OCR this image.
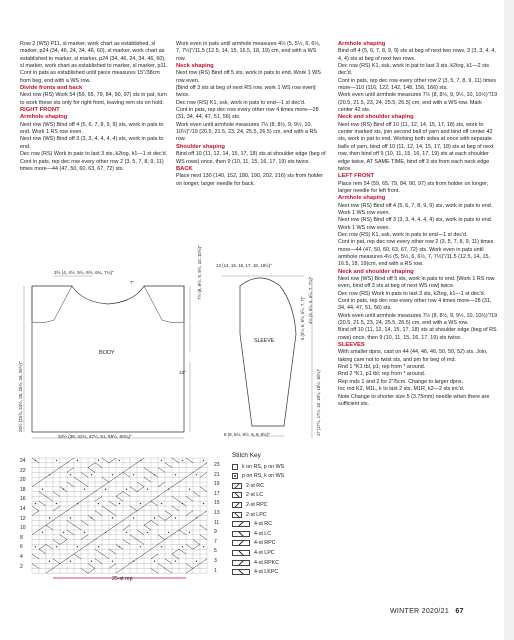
Row 2 (WS) P11, sl marker, work chart as established, sl marker, p24 (34, 46, 24, 34, 46, 60), sl marker, work chart as established to marker, sl marker, p24 (34, 46, 24, 34, 46, 60), sl marker, work chart as established to marker, sl marker, p11. Cont in pats as established until piece measures 15"/38cm from beg, end with a WS row.

Divide fronts and back

Next row (RS) Work 54 (59, 65, 79, 84, 90, 97) sts in pat, turn to work these sts only for right front, leaving rem sts on hold.

RIGHT FRONT

Armhole shaping

Next row (WS) Bind off 4 (5, 6, 7, 8, 9, 9) sts, work in pats to end. Work 1 RS row even.

Next row (WS) Bind off 3 (3, 3, 4, 4, 4, 4) sts, work in pats to end.

Dec row (RS) Work in pats to last 3 sts, k2tog, k1—1 st dec'd.

Cont in pats, rep dec row every other row 2 (3, 5, 7, 8, 9, 11) times more—44 (47, 50, 60, 63, 67, 72) sts.

Work even in pats until armhole measures 4½ (5, 5½, 6, 6½, 7, 7½)"/11.5 (12.5, 14, 15, 16.5, 18, 19) cm, end with a WS row.

Neck shaping

Next row (RS) Bind off 5 sts, work in pats to end. Work 1 WS row even.

[Bind off 3 sts at beg of next RS row, work 1 WS row even] twice.

Dec row (RS) K1, ssk, work in pats to end—1 st dec'd.

Cont in pats, rep dec row every other row 4 times more—28 (31, 34, 44, 47, 51, 56) sts.

Work even until armhole measures 7½ (8, 8½, 9, 9½, 10, 10½)"/19 (20.5, 21.5, 23, 24, 25.5, 26.5) cm, end with a RS row.

Shoulder shaping

Bind off 10 (11, 12, 14, 15, 17, 18) sts at shoulder edge (beg of WS rows) once, then 9 (10, 11, 15, 16, 17, 19) sts twice.

BACK

Place next 130 (140, 152, 180, 190, 202, 216) sts from holder on longer, larger needle for back.

Armhole shaping

Bind off 4 (5, 6, 7, 8, 9, 9) sts at beg of next two rows, 3 (3, 3, 4, 4, 4, 4) sts at beg of next two rows.

Dec row (RS) K1, ssk, work in pat to last 3 sts, k2tog, k1—2 sts dec'd.

Cont in pats, rep dec row every other row 2 (3, 5, 7, 8, 9, 11) times more—110 (116, 122, 142, 148, 156, 166) sts.

Work even until armhole measures 7½ (8, 8½, 9, 9½, 10, 10½)"/19 (20.5, 21.5, 23, 24, 25.5, 26.5) cm, end with a WS row. Mark center 42 sts.

Neck and shoulder shaping

Next row (RS) Bind off 10 (11, 12, 14, 15, 17, 18) sts, work to center marked sts, join second ball of yarn and bind off center 42 sts, work in pat to end. Working both sides at once with separate balls of yarn, bind off 10 (11, 12, 14, 15, 17, 18) sts at beg of next row, then bind off 9 (10, 11, 15, 16, 17, 19) sts at each shoulder edge twice, AT SAME TIME, bind off 3 sts from each neck edge twice.

LEFT FRONT

Place rem 54 (59, 65, 79, 84, 90, 97) sts from holder on longer, larger needle for left front.

Armhole shaping

Next row (RS) Bind off 4 (5, 6, 7, 8, 9, 9) sts, work in pats to end. Work 1 WS row even.

Next row (RS) Bind off 3 (3, 3, 4, 4, 4, 4) sts, work in pats to end. Work 1 WS row even.

Dec row (RS) K1, ssk, work in pats to end—1 st dec'd.

Cont in pat, rep dec row every other row 2 (3, 5, 7, 8, 9, 11) times more—44 (47, 50, 60, 63, 67, 72) sts. Work even in pats until armhole measures 4½ (5, 5½, 6, 6½, 7, 7½)"/11.5 (12.5, 14, 15, 16.5, 18, 19)cm, end with a RS row.

Neck and shoulder shaping

Next row (WS) Bind off 5 sts, work in pats to end. [Work 1 RS row even, bind off 3 sts at beg of next WS row] twice.

Dec row (RS) Work in pats to last 3 sts, k2tog, k1—1 st dec'd.

Cont in pats, rep dec row every other row 4 times more—28 (31, 34, 44, 47, 51, 56) sts.

Work even until armhole measures 7½ (8, 8½, 9, 9½, 10, 10½)"/19 (20.5, 21.5, 23, 24, 25.5, 26.5) cm, end with a WS row.

Bind off 10 (11, 12, 14, 15, 17, 18) sts at shoulder edge (beg of RS rows) once, then 9 (10, 11, 15, 16, 17, 19) sts twice.

SLEEVES

With smaller dpns, cast on 44 (44, 46, 46, 50, 50, 52) sts. Join, taking care not to twist sts, and pm for beg of rnd.

Rnd 1 *K1 tbl, p1; rep from * around.

Rnd 2 *K1, p1 tbl; rep from * around.

Rep rnds 1 and 2 for 2"/5cm. Change to larger dpns.

Inc rnd K2, M1L, k to last 2 sts, M1R, k2—2 sts inc'd.

Note Change to shorter size 5 (3.75mm) needle when there are sufficient sts.

3½ (4, 4½, 5½, 6½, 6¾, 7¼)"
7"
BODY
7½ (8, 8½, 9, 9½, 10, 10½)"
13"
25½ (23⅞, 24½, 25, 25½, 26, 26½)"
34½ (38, 42¼, 47½, 51, 55½, 60¼)"
13 (14, 15, 16, 17, 18, 18½)"
SLEEVE
5 (5½, 6, 6½, 6½, 7, 7)" 4½ (5, 5½, 6, 6½, 7, 7½)"
17 (17½, 17½, 18, 18½, 18½, 18½)"
8 (8, 8½, 8½, 9, 9, 9½)"
24
22
20
18
16
14
12
10
8
6
4
2
23
21
19
17
15
13
11
9
7
5
3
1
25-st rep
Stitch Key
k on RS, p on WS
p on RS, k on WS
2-st RC
2-st LC
2-st RPC
2-st LPC
4-st RC
4-st LC
4-st RPC
4-st LPC
4-st RPKC
4-st LKPC
WINTER 2020/21 67
